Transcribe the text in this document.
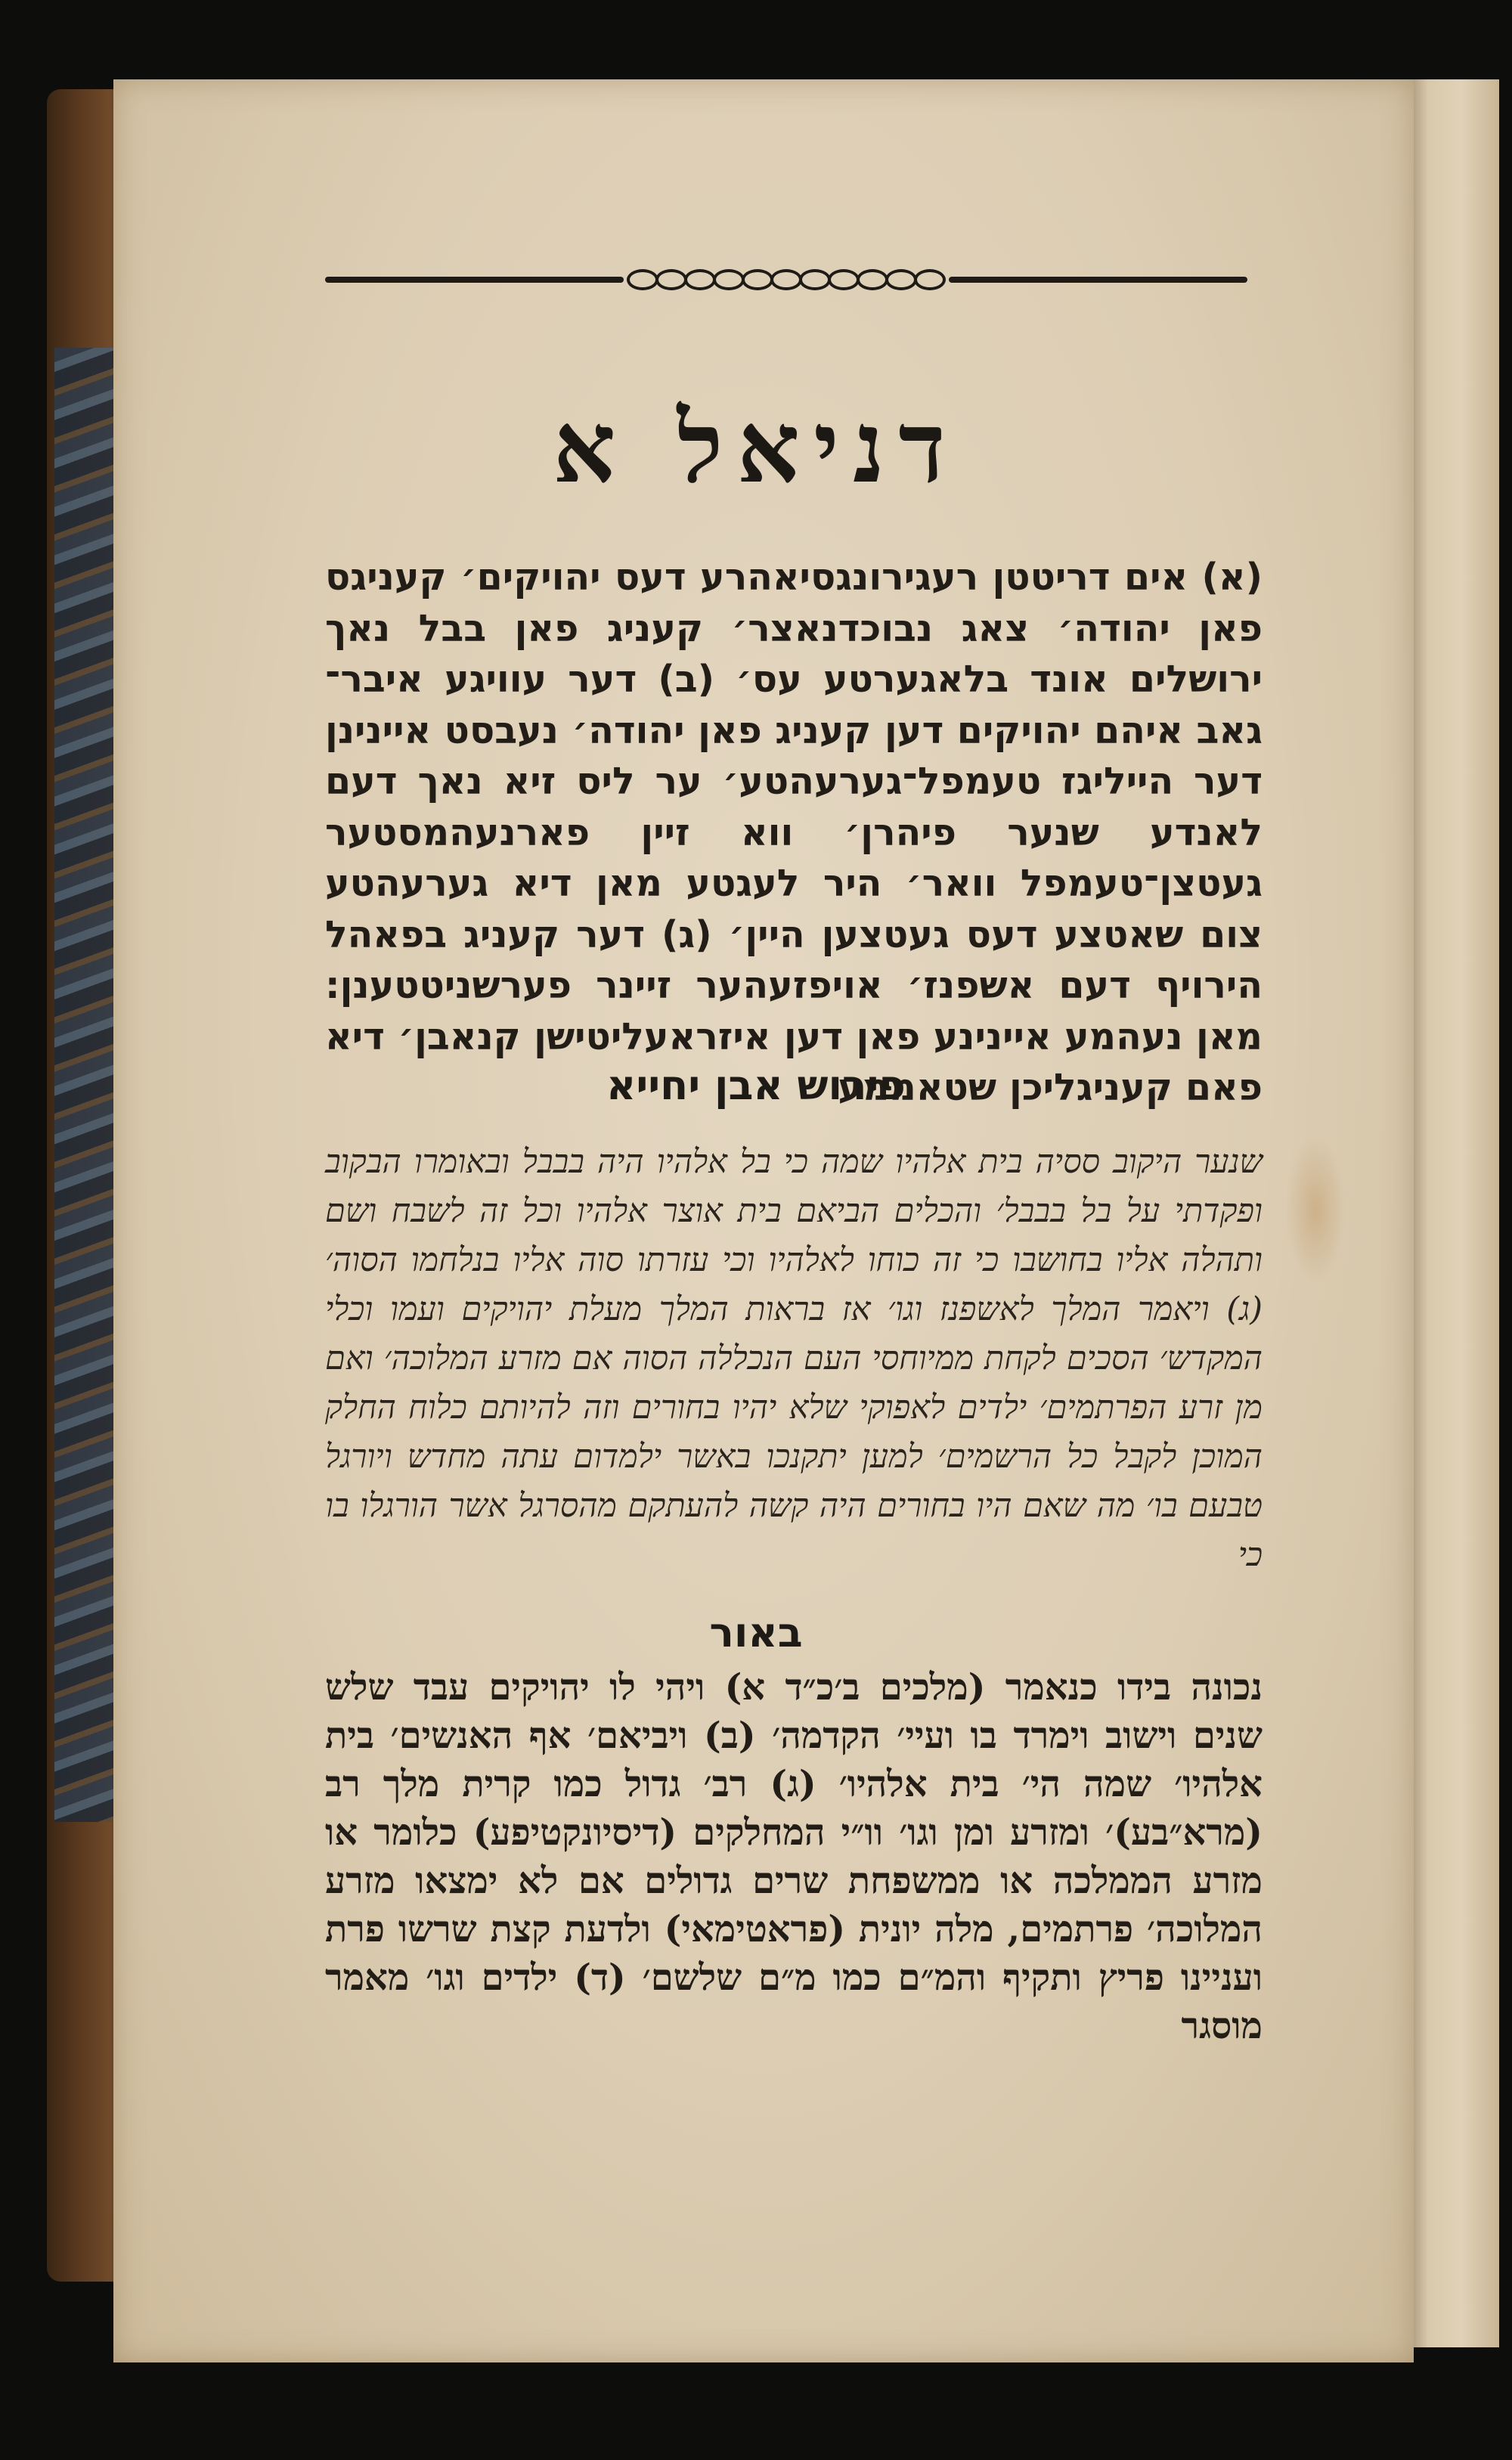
דניאל א

(א) אים דריטטן רעגירונגסיאהרע דעס יהויקים׳ קעניגס פאן יהודה׳ צאג נבוכדנאצר׳ קעניג פאן בבל נאך ירושלים אונד בלאגערטע עס׳ (ב) דער עוויגע איבר־ גאב איהם יהויקים דען קעניג פאן יהודה׳ נעבסט איינינן דער הייליגז טעמפל־גערעהטע׳ ער ליס זיא נאך דעם לאנדע שנער פיהרן׳ ווא זיין פארנעהמסטער געטצן־טעמפל וואר׳ היר לעגטע מאן דיא גערעהטע צום שאטצע דעס געטצען היין׳ (ג) דער קעניג בפאהל הירויף דעם אשפנז׳ אויפזעהער זיינר פערשניטטענן: מאן נעהמע איינינע פאן דען איזראעליטישן קנאבן׳ דיא פאם קעניגליכן שטאממע

פירוש אבן יחייא

שנער היקוב ססיה בית אלהיו שמה כי בל אלהיו היה בבבל ובאומרו הבקוב ופקדתי על בל בבבל׳ והכלים הביאם בית אוצר אלהיו וכל זה לשבח ושם ותהלה אליו בחושבו כי זה כוחו לאלהיו וכי עזרתו סוה אליו בנלחמו הסוה׳ (ג) ויאמר המלך לאשפנז וגו׳ אז בראות המלך מעלת יהויקים ועמו וכלי המקדש׳ הסכים לקחת ממיוחסי העם הנכללה הסוה אם מזרע המלוכה׳ ואם מן זרע הפרתמים׳ ילדים לאפוקי שלא יהיו בחורים וזה להיותם כלוח החלק המוכן לקבל כל הרשמים׳ למען יתקנכו באשר ילמדום עתה מחדש ויורגל טבעם בו׳ מה שאם היו בחורים היה קשה להעתקם מהסרגל אשר הורגלו בו כי

באור

נכונה בידו כנאמר (מלכים ב׳כ״ד א) ויהי לו יהויקים עבד שלש שנים וישוב וימרד בו ועיי׳ הקדמה׳ (ב) ויביאם׳ אף האנשים׳ בית אלהיו׳ שמה הי׳ בית אלהיו׳ (ג) רב׳ גדול כמו קרית מלך רב (מרא״בע)׳ ומזרע ומן וגו׳ וו״י המחלקים (דיסיונקטיפע) כלומר או מזרע הממלכה או ממשפחת שרים גדולים אם לא ימצאו מזרע המלוכה׳ פרתמים, מלה יונית (פראטימאי) ולדעת קצת שרשו פרת ועניינו פריץ ותקיף והמ״ם כמו מ״ם שלשם׳ (ד) ילדים וגו׳ מאמר מוסגר
